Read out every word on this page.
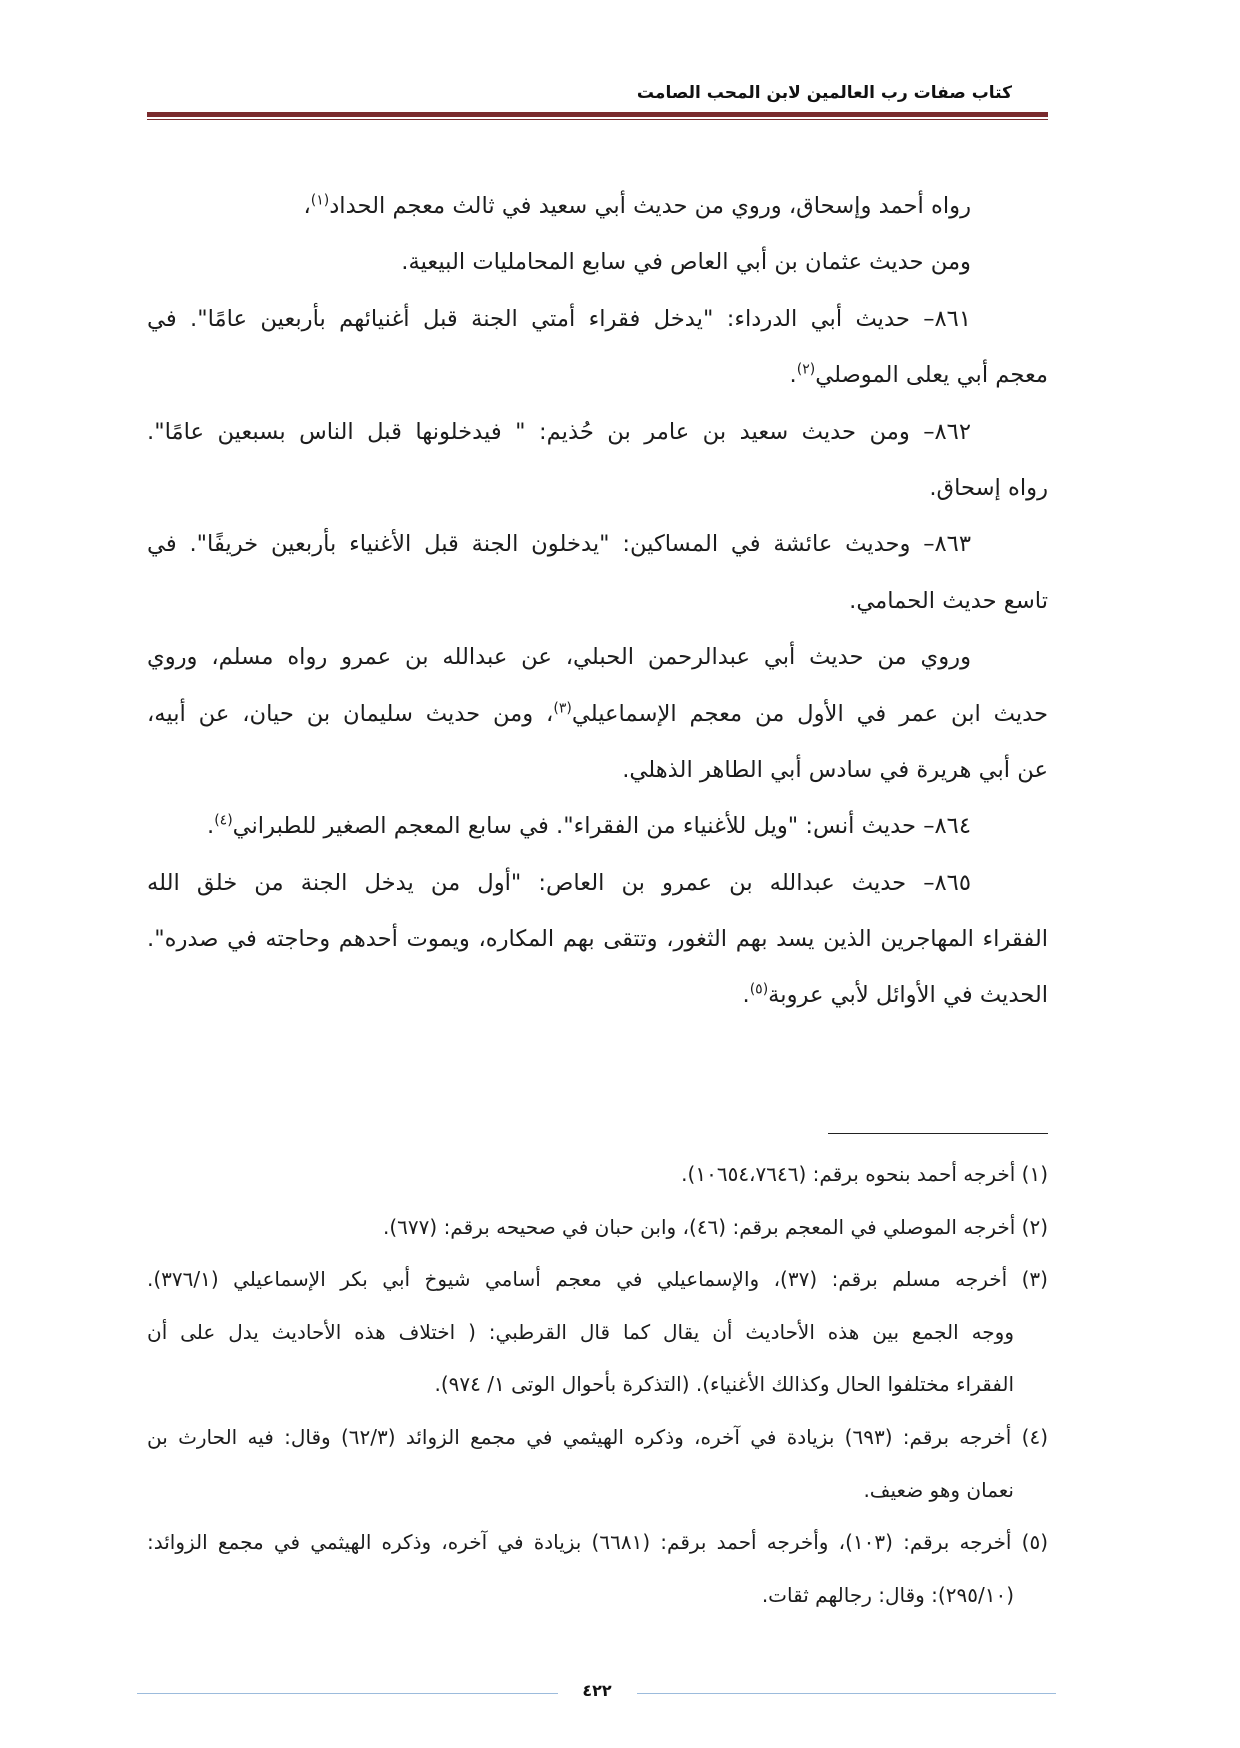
كتاب صفات رب العالمين لابن المحب الصامت
رواه أحمد وإسحاق، وروي من حديث أبي سعيد في ثالث معجم الحداد$^{(١)}$،
ومن حديث عثمان بن أبي العاص في سابع المحامليات البيعية.
٨٦١– حديث أبي الدرداء: "يدخل فقراء أمتي الجنة قبل أغنيائهم بأربعين عامًا". في
معجم أبي يعلى الموصلي$^{(٢)}$.
٨٦٢– ومن حديث سعيد بن عامر بن حُذيم: " فيدخلونها قبل الناس بسبعين عامًا".
رواه إسحاق.
٨٦٣– وحديث عائشة في المساكين: "يدخلون الجنة قبل الأغنياء بأربعين خريفًا". في
تاسع حديث الحمامي.
وروي من حديث أبي عبدالرحمن الحبلي، عن عبدالله بن عمرو رواه مسلم، وروي
حديث ابن عمر في الأول من معجم الإسماعيلي$^{(٣)}$، ومن حديث سليمان بن حيان، عن أبيه،
عن أبي هريرة في سادس أبي الطاهر الذهلي.
٨٦٤– حديث أنس: "ويل للأغنياء من الفقراء". في سابع المعجم الصغير للطبراني$^{(٤)}$.
٨٦٥– حديث عبدالله بن عمرو بن العاص: "أول من يدخل الجنة من خلق الله
الفقراء المهاجرين الذين يسد بهم الثغور، وتتقى بهم المكاره، ويموت أحدهم وحاجته في صدره".
الحديث في الأوائل لأبي عروبة$^{(٥)}$.
(١) أخرجه أحمد بنحوه برقم: (١٠٦٥٤،٧٦٤٦).
(٢) أخرجه الموصلي في المعجم برقم: (٤٦)، وابن حبان في صحيحه برقم: (٦٧٧).
(٣) أخرجه مسلم برقم: (٣٧)، والإسماعيلي في معجم أسامي شيوخ أبي بكر الإسماعيلي (٣٧٦/١).
ووجه الجمع بين هذه الأحاديث أن يقال كما قال القرطبي: ( اختلاف هذه الأحاديث يدل على أن
الفقراء مختلفوا الحال وكذالك الأغنياء). (التذكرة بأحوال الوتى ١/ ٩٧٤).
(٤) أخرجه برقم: (٦٩٣) بزيادة في آخره، وذكره الهيثمي في مجمع الزوائد (٦٢/٣) وقال: فيه الحارث بن
نعمان وهو ضعيف.
(٥) أخرجه برقم: (١٠٣)، وأخرجه أحمد برقم: (٦٦٨١) بزيادة في آخره، وذكره الهيثمي في مجمع الزوائد:
(٢٩٥/١٠): وقال: رجالهم ثقات.
٤٢٢
